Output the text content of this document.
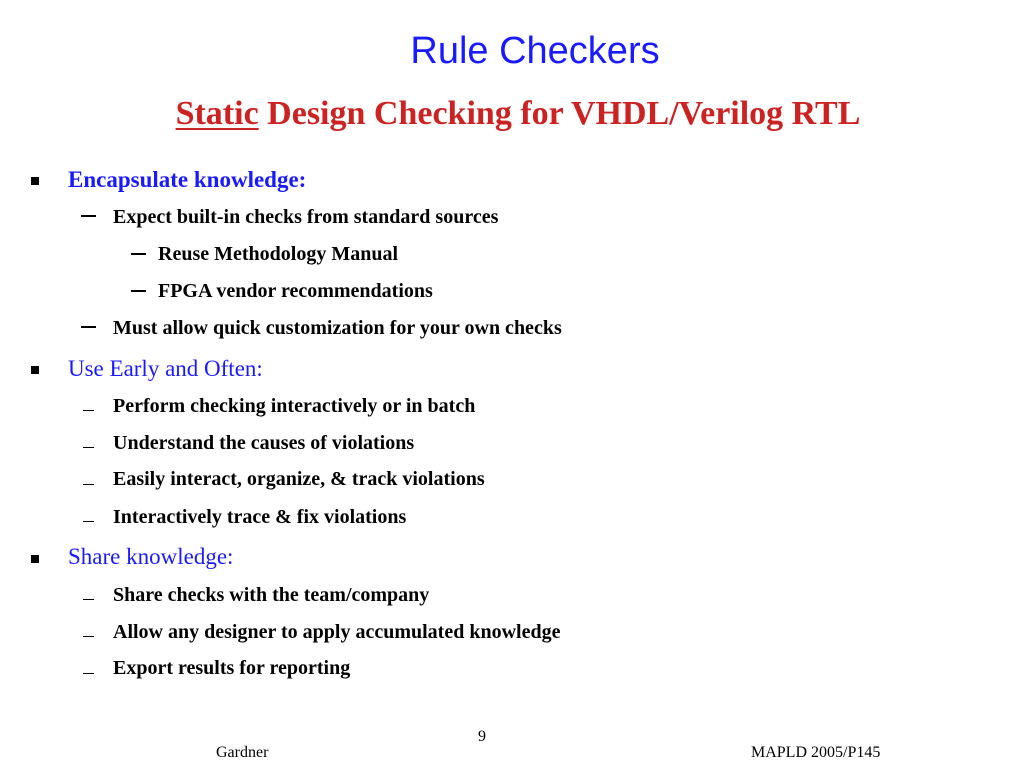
Rule Checkers
Static Design Checking for VHDL/Verilog RTL
Encapsulate knowledge:
Expect built-in checks from standard sources
Reuse Methodology Manual
FPGA vendor recommendations
Must allow quick customization for your own checks
Use Early and Often:
Perform checking interactively or in batch
Understand the causes of violations
Easily interact, organize, & track violations
Interactively trace & fix violations
Share knowledge:
Share checks with the team/company
Allow any designer to apply accumulated knowledge
Export results for reporting
9
Gardner	MAPLD 2005/P145
